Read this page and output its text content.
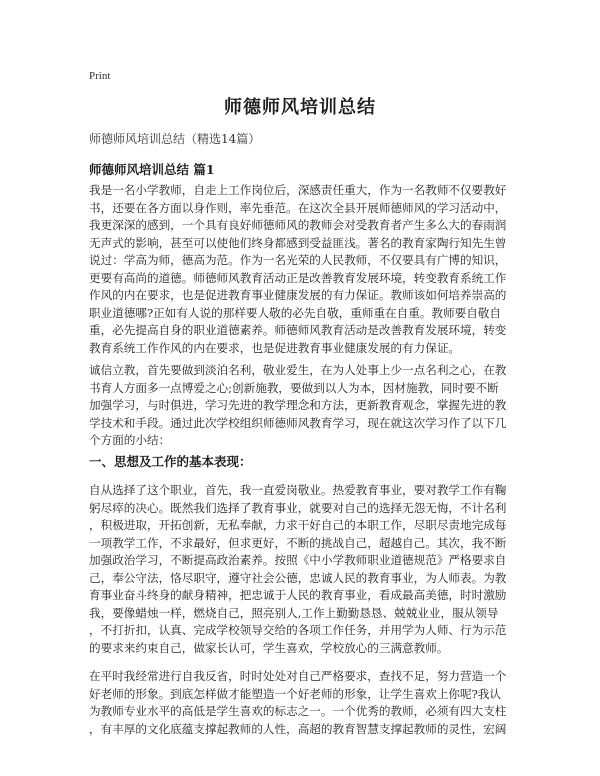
Print
师德师风培训总结
师德师风培训总结（精选14篇）
师德师风培训总结 篇1
我是一名小学教师，自走上工作岗位后，深感责任重大，作为一名教师不仅要教好
书，还要在各方面以身作则，率先垂范。在这次全县开展师德师风的学习活动中，
我更深深的感到，一个具有良好师德师风的教师会对受教育者产生多么大的春雨润
无声式的影响，甚至可以使他们终身都感到受益匪浅。著名的教育家陶行知先生曾
说过：学高为师，德高为范。作为一名光荣的人民教师，不仅要具有广博的知识，
更要有高尚的道德。师德师风教育活动正是改善教育发展环境，转变教育系统工作
作风的内在要求，也是促进教育事业健康发展的有力保证。教师该如何培养崇高的
职业道德哪?正如有人说的那样要人敬的必先自敬，重师重在自重。教师要自敬自
重，必先提高自身的职业道德素养。师德师风教育活动是改善教育发展环境，转变
教育系统工作作风的内在要求，也是促进教育事业健康发展的有力保证。
诚信立教，首先要做到淡泊名利，敬业爱生，在为人处事上少一点名利之心，在教
书育人方面多一点博爱之心;创新施教，要做到以人为本，因材施教，同时要不断
加强学习，与时俱进，学习先进的教学理念和方法，更新教育观念，掌握先进的教
学技术和手段。通过此次学校组织师德师风教育学习，现在就这次学习作了以下几
个方面的小结：
一、思想及工作的基本表现：
自从选择了这个职业，首先，我一直爱岗敬业。热爱教育事业，要对教学工作有鞠
躬尽瘁的决心。既然我们选择了教育事业，就要对自己的选择无怨无悔，不计名利
，积极进取，开拓创新，无私奉献，力求干好自己的本职工作，尽职尽责地完成每
一项教学工作，不求最好，但求更好，不断的挑战自己，超越自己。其次，我不断
加强政治学习，不断提高政治素养。按照《中小学教师职业道德规范》严格要求自
己，奉公守法，恪尽职守，遵守社会公德，忠诚人民的教育事业，为人师表。为教
育事业奋斗终身的献身精神，把忠诚于人民的教育事业，看成最高美德，时时激励
我，要像蜡烛一样，燃烧自己，照亮别人,工作上勤勤恳恳、兢兢业业，服从领导
，不打折扣，认真、完成学校领导交给的各项工作任务，并用学为人师、行为示范
的要求来约束自己，做家长认可，学生喜欢，学校放心的三满意教师。
在平时我经常进行自我反省，时时处处对自己严格要求，查找不足，努力营造一个
好老师的形象。到底怎样做才能塑造一个好老师的形象，让学生喜欢上你呢?我认
为教师专业水平的高低是学生喜欢的标志之一。一个优秀的教师，必须有四大支柱
，有丰厚的文化底蕴支撑起教师的人性，高超的教育智慧支撑起教师的灵性，宏阔
